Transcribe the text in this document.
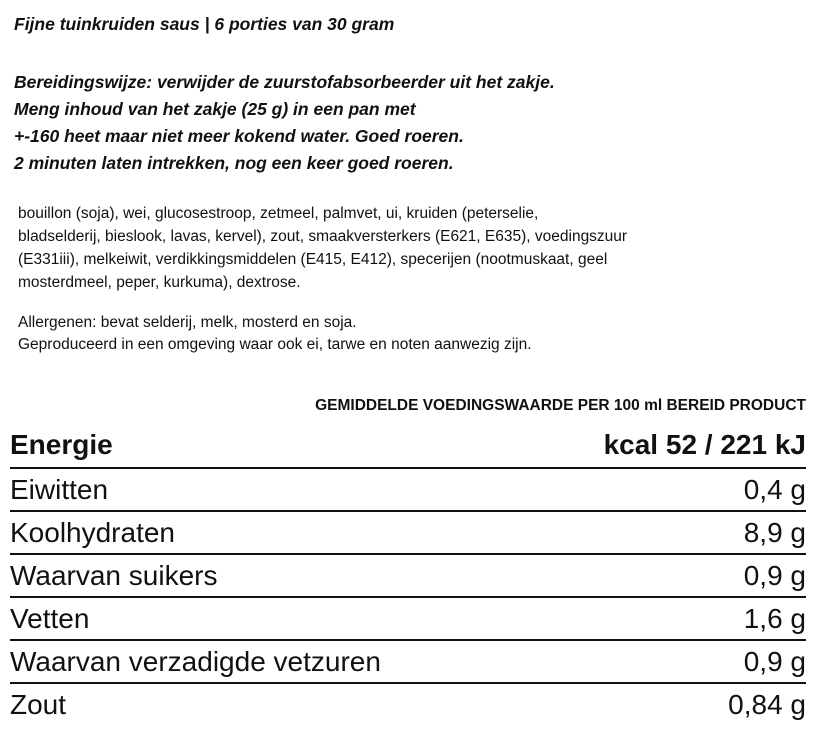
Fijne tuinkruiden saus | 6 porties van 30 gram
Bereidingswijze: verwijder de zuurstofabsorbeerder uit het zakje.
Meng inhoud van het zakje (25 g) in een pan met
+-160 heet maar niet meer kokend water. Goed roeren.
2 minuten laten intrekken, nog een keer goed roeren.
bouillon (soja), wei, glucosestroop, zetmeel, palmvet, ui, kruiden (peterselie,
bladselderij, bieslook, lavas, kervel), zout, smaakversterkers (E621, E635), voedingszuur
(E331iii), melkeiwit, verdikkingsmiddelen (E415, E412), specerijen (nootmuskaat, geel
mosterdmeel, peper, kurkuma), dextrose.
Allergenen: bevat selderij, melk, mosterd en soja.
Geproduceerd in een omgeving waar ook ei, tarwe en noten aanwezig zijn.
GEMIDDELDE VOEDINGSWAARDE PER 100 ml BEREID PRODUCT
Energie	kcal 52 / 221 kJ
Eiwitten	0,4 g
Koolhydraten	8,9 g
Waarvan suikers	0,9 g
Vetten	1,6 g
Waarvan verzadigde vetzuren	0,9 g
Zout	0,84 g
